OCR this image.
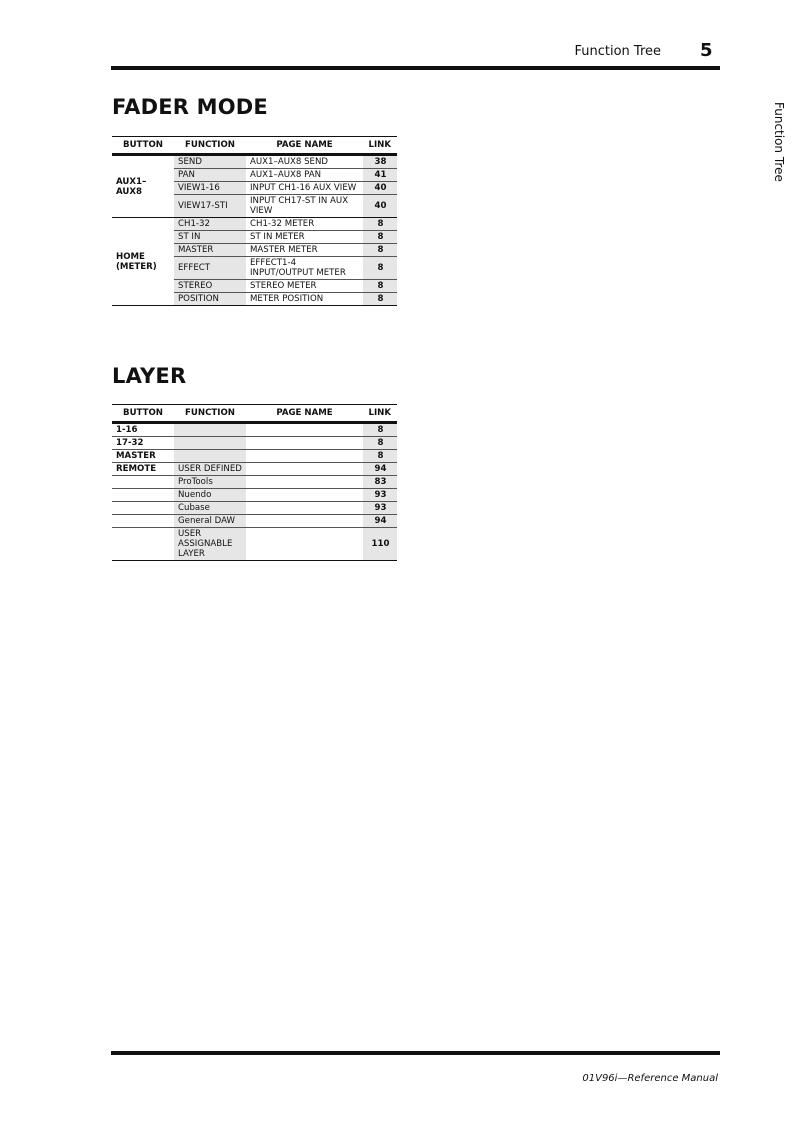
Function Tree 5
Function Tree
FADER MODE
BUTTON	FUNCTION	PAGE NAME	LINK
AUX1–
AUX8	SEND	AUX1–AUX8 SEND	38
	PAN	AUX1–AUX8 PAN	41
	VIEW1-16	INPUT CH1-16 AUX VIEW	40
	VIEW17-STI	INPUT CH17-ST IN AUX VIEW	40
HOME
(METER)	CH1-32	CH1-32 METER	8
	ST IN	ST IN METER	8
	MASTER	MASTER METER	8
	EFFECT	EFFECT1-4 INPUT/OUTPUT METER	8
	STEREO	STEREO METER	8
	POSITION	METER POSITION	8
LAYER
BUTTON	FUNCTION	PAGE NAME	LINK
1-16			8
17-32			8
MASTER			8
REMOTE	USER DEFINED		94
	ProTools		83
	Nuendo		93
	Cubase		93
	General DAW		94
	USER ASSIGNABLE LAYER		110
01V96i—Reference Manual
